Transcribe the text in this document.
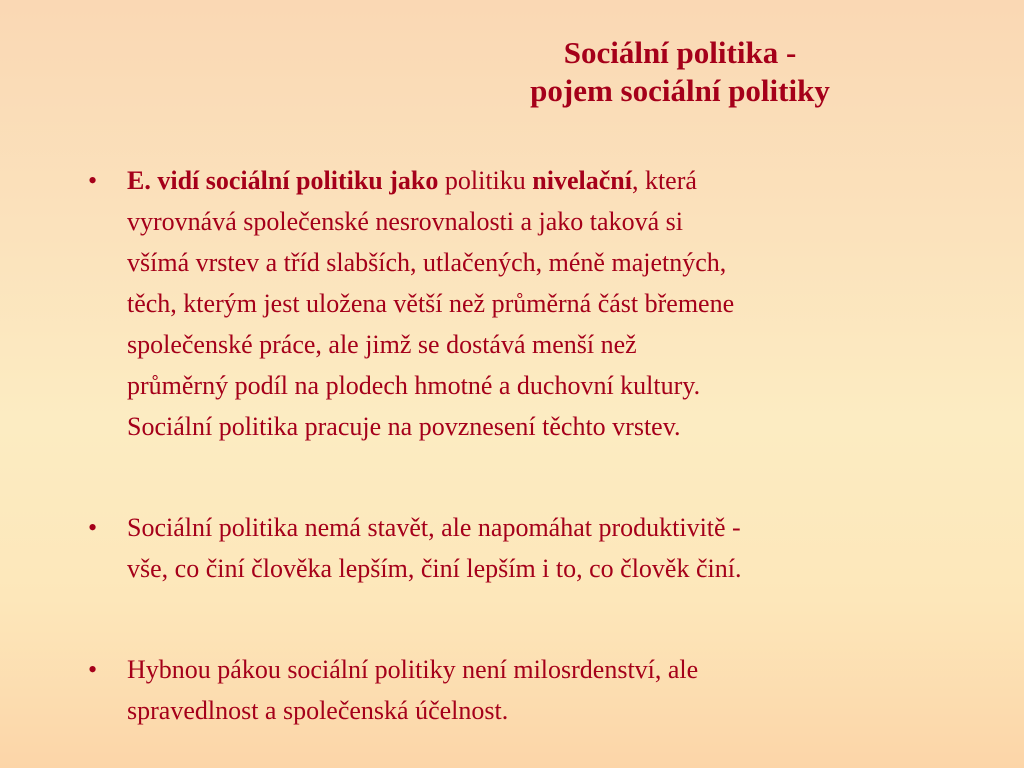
Sociální politika -
pojem sociální politiky
• E. vidí sociální politiku jako politiku nivelační, která
vyrovnává společenské nesrovnalosti a jako taková si
všímá vrstev a tříd slabších, utlačených, méně majetných,
těch, kterým jest uložena větší než průměrná část břemene
společenské práce, ale jimž se dostává menší než
průměrný podíl na plodech hmotné a duchovní kultury.
Sociální politika pracuje na povznesení těchto vrstev.
• Sociální politika nemá stavět, ale napomáhat produktivitě -
vše, co činí člověka lepším, činí lepším i to, co člověk činí.
• Hybnou pákou sociální politiky není milosrdenství, ale
spravedlnost a společenská účelnost.
